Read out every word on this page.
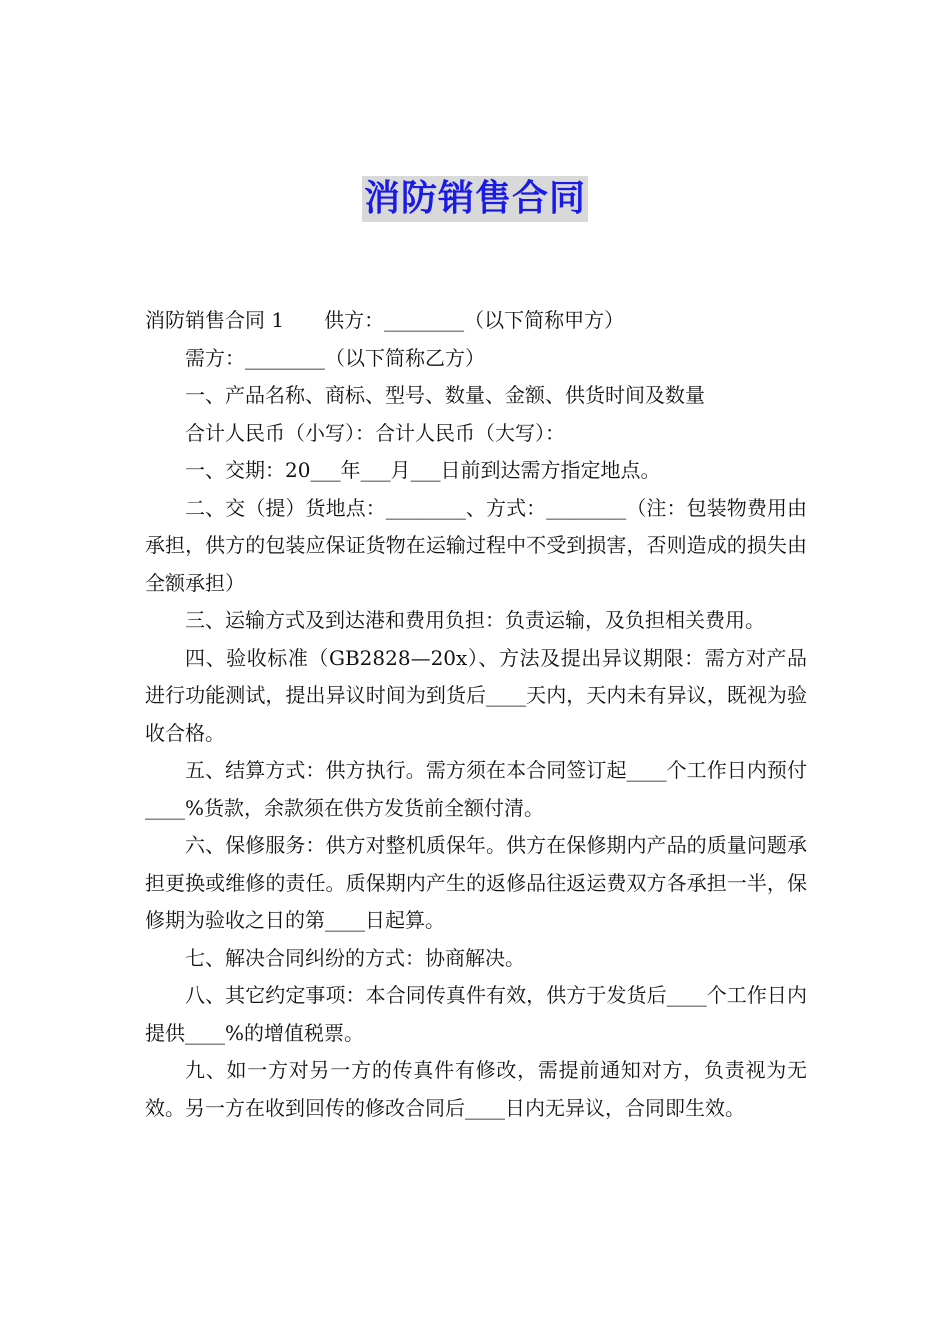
消防销售合同

消防销售合同 1　　供方：________（以下简称甲方）

需方：________（以下简称乙方）

一、产品名称、商标、型号、数量、金额、供货时间及数量

合计人民币（小写）：合计人民币（大写）：

一、交期：20___年___月___日前到达需方指定地点。

二、交（提）货地点：________、方式：________（注：包装物费用由承担，供方的包装应保证货物在运输过程中不受到损害，否则造成的损失由全额承担）

三、运输方式及到达港和费用负担：负责运输，及负担相关费用。

四、验收标准（GB2828—20x）、方法及提出异议期限：需方对产品进行功能测试，提出异议时间为到货后____天内，天内未有异议，既视为验收合格。

五、结算方式：供方执行。需方须在本合同签订起____个工作日内预付____%货款，余款须在供方发货前全额付清。

六、保修服务：供方对整机质保年。供方在保修期内产品的质量问题承担更换或维修的责任。质保期内产生的返修品往返运费双方各承担一半，保修期为验收之日的第____日起算。

七、解决合同纠纷的方式：协商解决。

八、其它约定事项：本合同传真件有效，供方于发货后____个工作日内提供____%的增值税票。

九、如一方对另一方的传真件有修改，需提前通知对方，负责视为无效。另一方在收到回传的修改合同后____日内无异议，合同即生效。
